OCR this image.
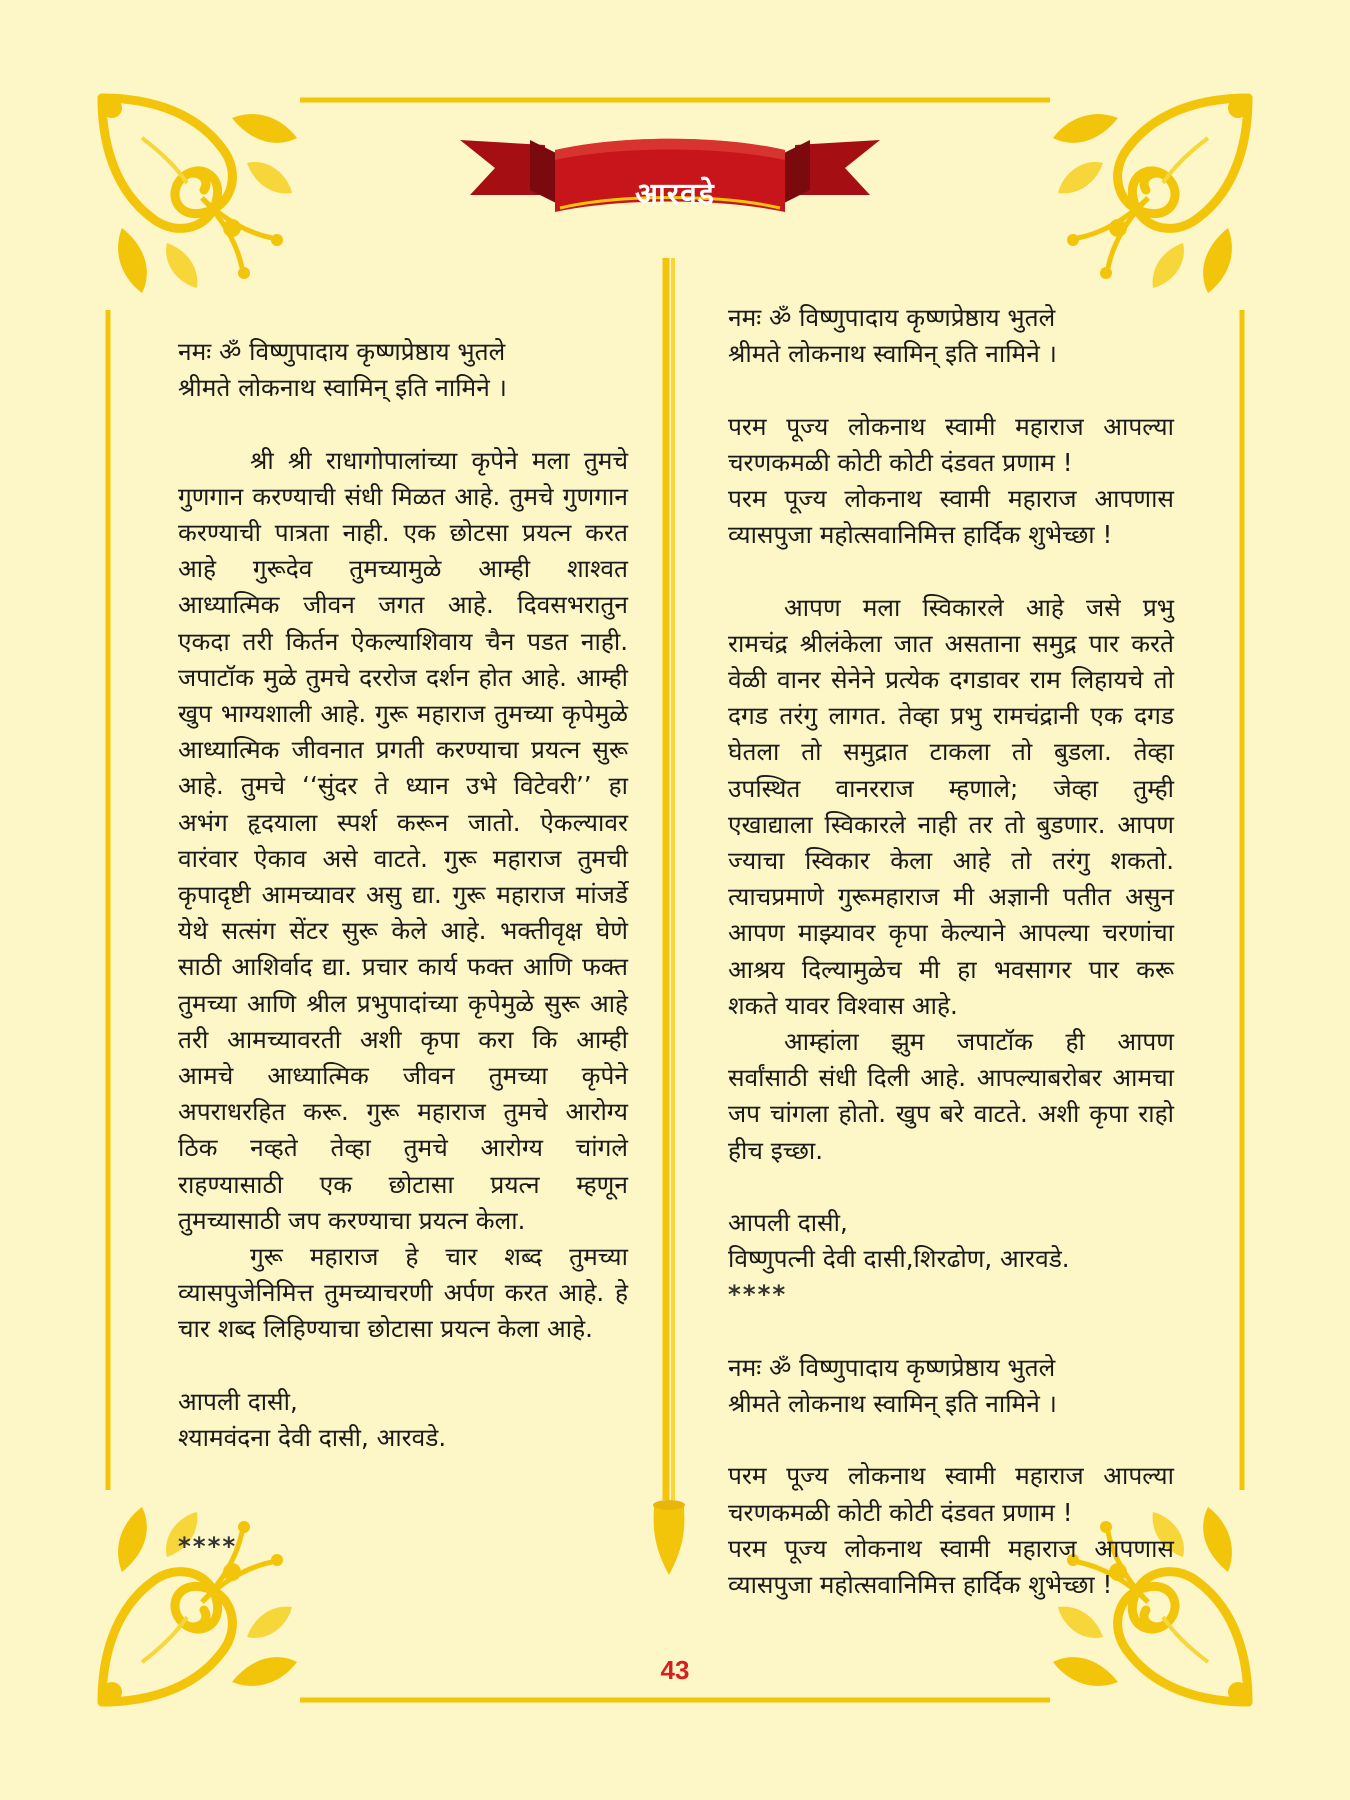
आरवडे

नमः ॐ विष्णुपादाय कृष्णप्रेष्ठाय भुतले

श्रीमते लोकनाथ स्वामिन् इति नामिने ।

श्री श्री राधागोपालांच्या कृपेने मला तुमचे

गुणगान करण्याची संधी मिळत आहे. तुमचे गुणगान

करण्याची पात्रता नाही. एक छोटसा प्रयत्न करत

आहे गुरूदेव तुमच्यामुळे आम्ही शाश्वत

आध्यात्मिक जीवन जगत आहे. दिवसभरातुन

एकदा तरी किर्तन ऐकल्याशिवाय चैन पडत नाही.

जपाटॉक मुळे तुमचे दररोज दर्शन होत आहे. आम्ही

खुप भाग्यशाली आहे. गुरू महाराज तुमच्या कृपेमुळे

आध्यात्मिक जीवनात प्रगती करण्याचा प्रयत्न सुरू

आहे. तुमचे ‘‘सुंदर ते ध्यान उभे विटेवरी’’ हा

अभंग हृदयाला स्पर्श करून जातो. ऐकल्यावर

वारंवार ऐकाव असे वाटते. गुरू महाराज तुमची

कृपादृष्टी आमच्यावर असु द्या. गुरू महाराज मांजर्डे

येथे सत्संग सेंटर सुरू केले आहे. भक्तीवृक्ष घेणे

साठी आशिर्वाद द्या. प्रचार कार्य फक्त आणि फक्त

तुमच्या आणि श्रील प्रभुपादांच्या कृपेमुळे सुरू आहे

तरी आमच्यावरती अशी कृपा करा कि आम्ही

आमचे आध्यात्मिक जीवन तुमच्या कृपेने

अपराधरहित करू. गुरू महाराज तुमचे आरोग्य

ठिक नव्हते तेव्हा तुमचे आरोग्य चांगले

राहण्यासाठी एक छोटासा प्रयत्न म्हणून

तुमच्यासाठी जप करण्याचा प्रयत्न केला.

गुरू महाराज हे चार शब्द तुमच्या

व्यासपुजेनिमित्त तुमच्याचरणी अर्पण करत आहे. हे

चार शब्द लिहिण्याचा छोटासा प्रयत्न केला आहे.

आपली दासी,

श्यामवंदना देवी दासी, आरवडे.

****

नमः ॐ विष्णुपादाय कृष्णप्रेष्ठाय भुतले

श्रीमते लोकनाथ स्वामिन् इति नामिने ।

परम पूज्य लोकनाथ स्वामी महाराज आपल्या

चरणकमळी कोटी कोटी दंडवत प्रणाम !

परम पूज्य लोकनाथ स्वामी महाराज आपणास

व्यासपुजा महोत्सवानिमित्त हार्दिक शुभेच्छा !

आपण मला स्विकारले आहे जसे प्रभु

रामचंद्र श्रीलंकेला जात असताना समुद्र पार करते

वेळी वानर सेनेने प्रत्येक दगडावर राम लिहायचे तो

दगड तरंगु लागत. तेव्हा प्रभु रामचंद्रानी एक दगड

घेतला तो समुद्रात टाकला तो बुडला. तेव्हा

उपस्थित वानरराज म्हणाले; जेव्हा तुम्ही

एखाद्याला स्विकारले नाही तर तो बुडणार. आपण

ज्याचा स्विकार केला आहे तो तरंगु शकतो.

त्याचप्रमाणे गुरूमहाराज मी अज्ञानी पतीत असुन

आपण माझ्यावर कृपा केल्याने आपल्या चरणांचा

आश्रय दिल्यामुळेच मी हा भवसागर पार करू

शकते यावर विश्वास आहे.

आम्हांला झुम जपाटॉक ही आपण

सर्वांसाठी संधी दिली आहे. आपल्याबरोबर आमचा

जप चांगला होतो. खुप बरे वाटते. अशी कृपा राहो

हीच इच्छा.

आपली दासी,

विष्णुपत्नी देवी दासी,शिरढोण, आरवडे.

****

नमः ॐ विष्णुपादाय कृष्णप्रेष्ठाय भुतले

श्रीमते लोकनाथ स्वामिन् इति नामिने ।

परम पूज्य लोकनाथ स्वामी महाराज आपल्या

चरणकमळी कोटी कोटी दंडवत प्रणाम !

परम पूज्य लोकनाथ स्वामी महाराज आपणास

व्यासपुजा महोत्सवानिमित्त हार्दिक शुभेच्छा !

43
